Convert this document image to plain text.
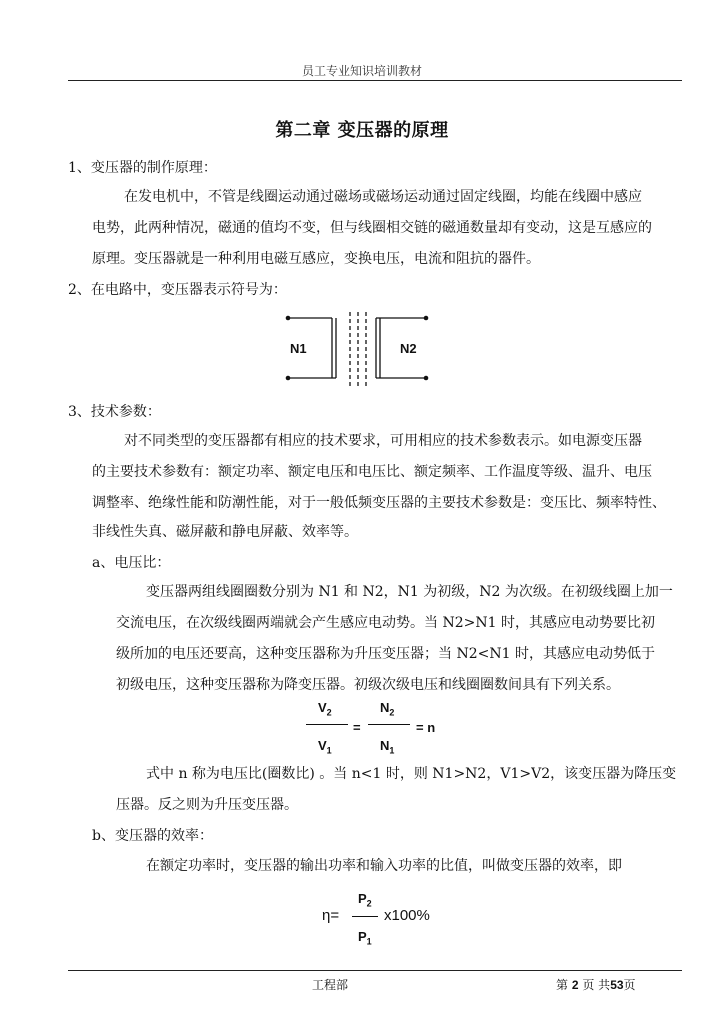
员工专业知识培训教材
第二章 变压器的原理
1、变压器的制作原理：
在发电机中，不管是线圈运动通过磁场或磁场运动通过固定线圈，均能在线圈中感应
电势，此两种情况，磁通的值均不变，但与线圈相交链的磁通数量却有变动，这是互感应的
原理。变压器就是一种利用电磁互感应，变换电压，电流和阻抗的器件。
2、在电路中，变压器表示符号为：
N1	N2
3、技术参数：
对不同类型的变压器都有相应的技术要求，可用相应的技术参数表示。如电源变压器
的主要技术参数有：额定功率、额定电压和电压比、额定频率、工作温度等级、温升、电压
调整率、绝缘性能和防潮性能，对于一般低频变压器的主要技术参数是：变压比、频率特性、
非线性失真、磁屏蔽和静电屏蔽、效率等。
a、电压比：
变压器两组线圈圈数分别为 N1 和 N2，N1 为初级，N2 为次级。在初级线圈上加一
交流电压，在次级线圈两端就会产生感应电动势。当 N2>N1 时，其感应电动势要比初
级所加的电压还要高，这种变压器称为升压变压器；当 N2<N1 时，其感应电动势低于
初级电压，这种变压器称为降变压器。初级次级电压和线圈圈数间具有下列关系。
$V_2$
$V_1$
=
$N_2$
$N_1$
= n
式中 n 称为电压比(圈数比) 。当 n<1 时，则 N1>N2，V1>V2，该变压器为降压变
压器。反之则为升压变压器。
b、变压器的效率：
在额定功率时，变压器的输出功率和输入功率的比值，叫做变压器的效率，即
η=
$P_2$
$P_1$
x100%
工程部	第 2 页 共53页
